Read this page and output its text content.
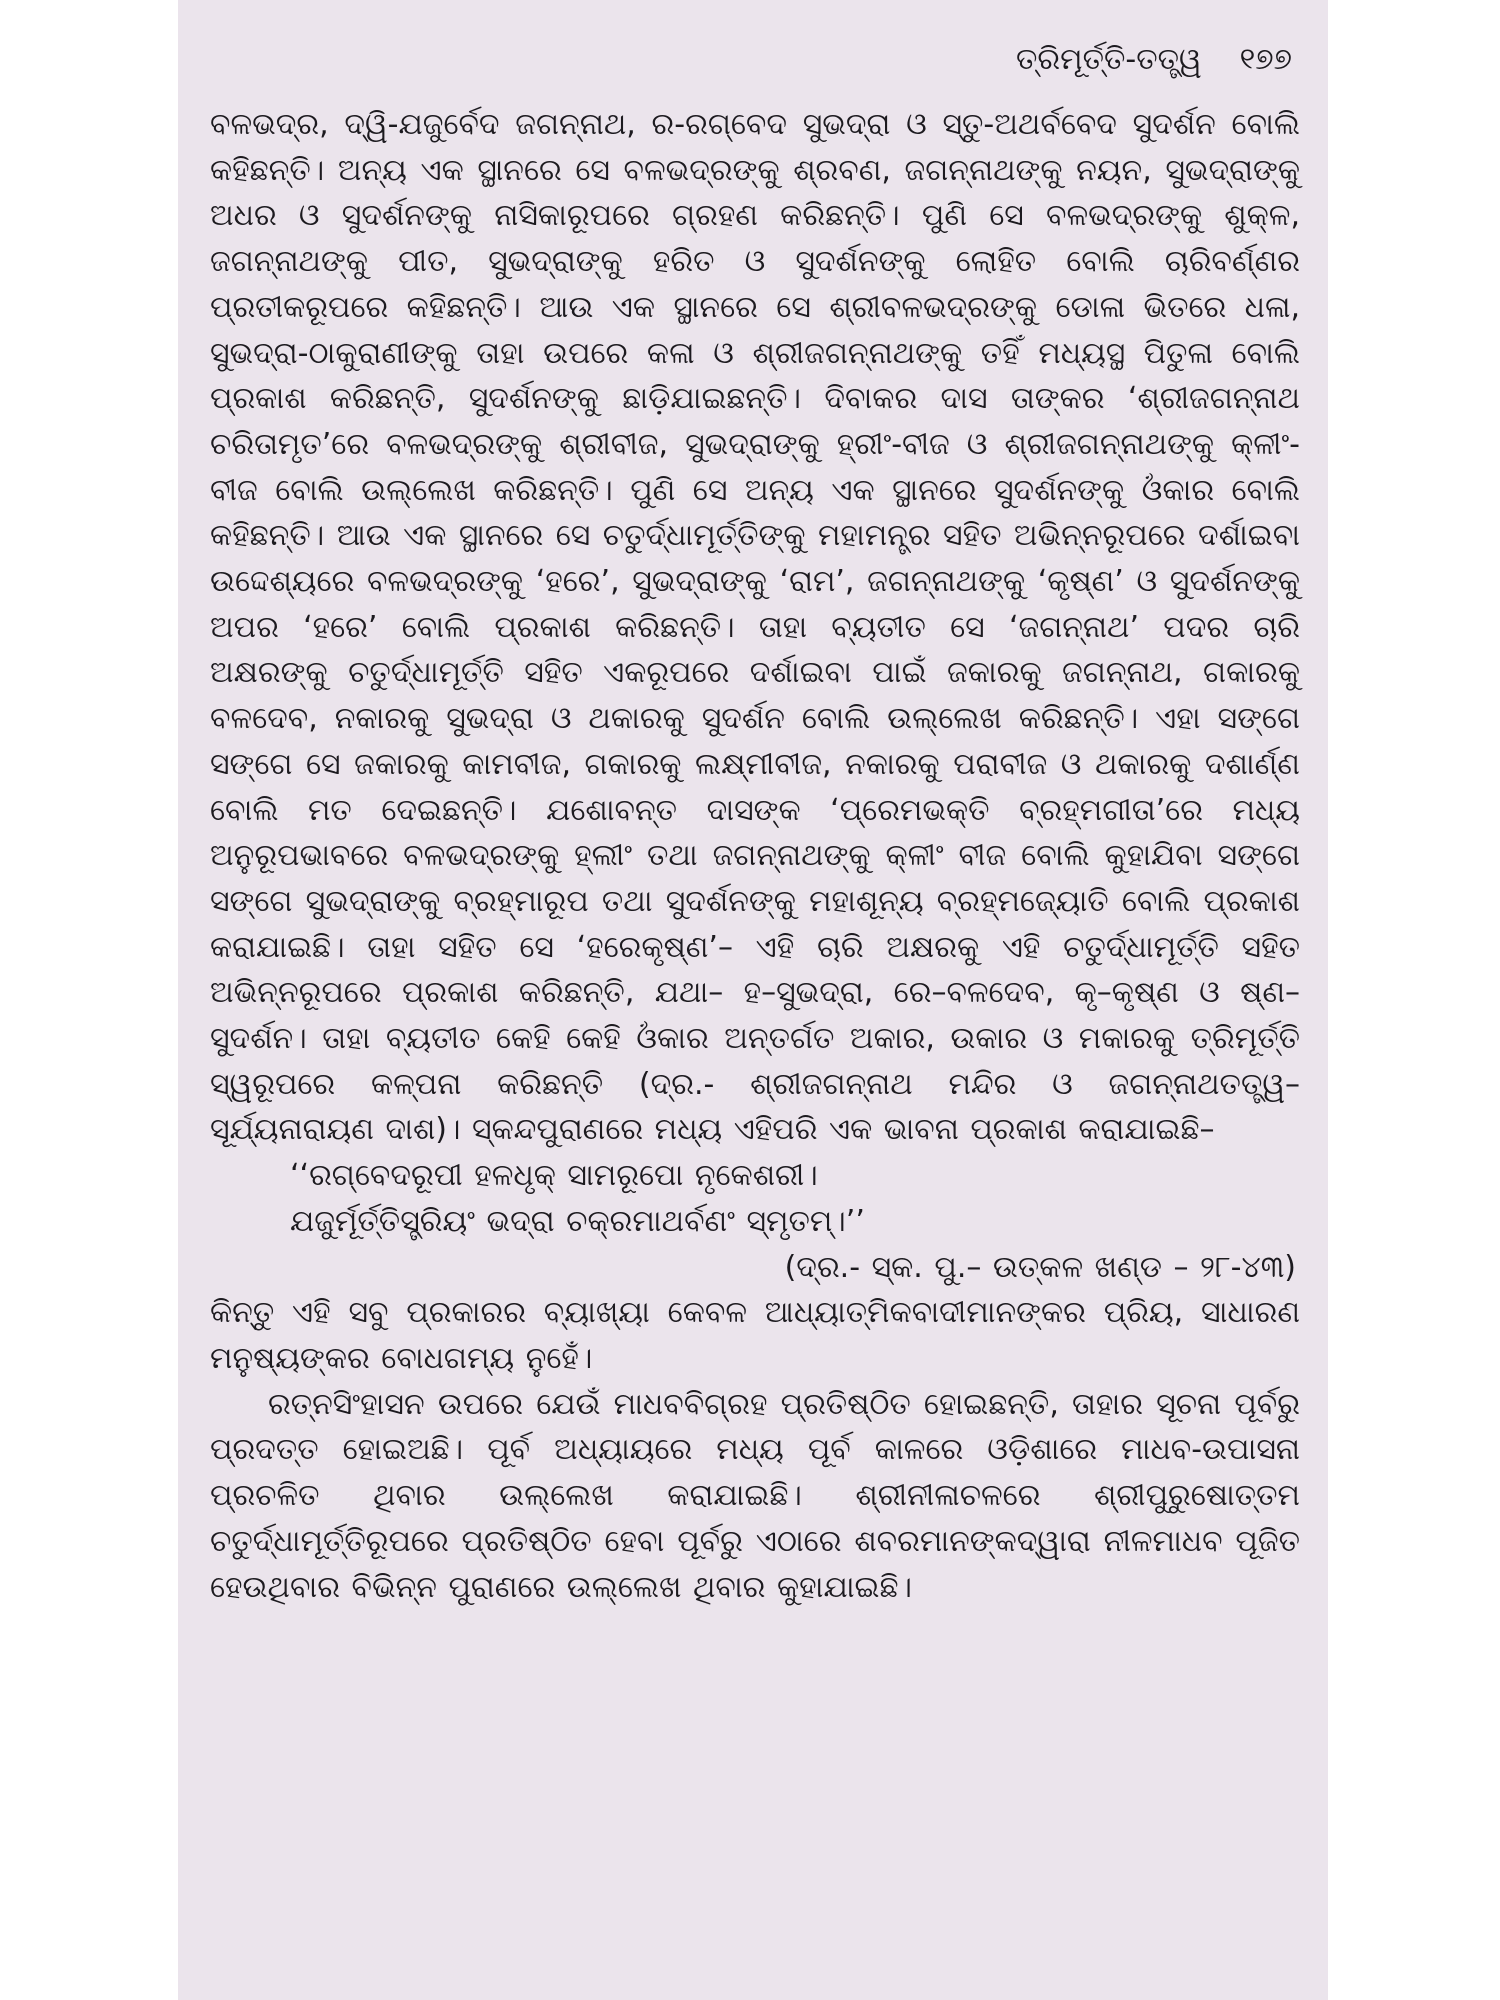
ତ୍ରିମୂର୍ତ୍ତି-ତତ୍ତ୍ୱ ୧୭୭

ବଳଭଦ୍ର, ଦ୍ୱି-ଯଜୁର୍ବେଦ ଜଗନ୍ନାଥ, ର-ରଗ୍‌ବେଦ ସୁଭଦ୍ରା ଓ ସ୍ତୁ-ଅଥର୍ବବେଦ ସୁଦର୍ଶନ ବୋଲି କହିଛନ୍ତି। ଅନ୍ୟ ଏକ ସ୍ଥାନରେ ସେ ବଳଭଦ୍ରଙ୍କୁ ଶ୍ରବଣ, ଜଗନ୍ନାଥଙ୍କୁ ନୟନ, ସୁଭଦ୍ରାଙ୍କୁ ଅଧର ଓ ସୁଦର୍ଶନଙ୍କୁ ନାସିକାରୂପରେ ଗ୍ରହଣ କରିଛନ୍ତି। ପୁଣି ସେ ବଳଭଦ୍ରଙ୍କୁ ଶୁକ୍ଳ, ଜଗନ୍ନାଥଙ୍କୁ ପୀତ, ସୁଭଦ୍ରାଙ୍କୁ ହରିତ ଓ ସୁଦର୍ଶନଙ୍କୁ ଲୋହିତ ବୋଲି ଚାରିବର୍ଣ୍ଣର ପ୍ରତୀକରୂପରେ କହିଛନ୍ତି। ଆଉ ଏକ ସ୍ଥାନରେ ସେ ଶ୍ରୀବଳଭଦ୍ରଙ୍କୁ ଡୋଳା ଭିତରେ ଧଳା, ସୁଭଦ୍ରା-ଠାକୁରାଣୀଙ୍କୁ ତାହା ଉପରେ କଳା ଓ ଶ୍ରୀଜଗନ୍ନାଥଙ୍କୁ ତହିଁ ମଧ୍ୟସ୍ଥ ପିତୁଳା ବୋଲି ପ୍ରକାଶ କରିଛନ୍ତି, ସୁଦର୍ଶନଙ୍କୁ ଛାଡ଼ିଯାଇଛନ୍ତି। ଦିବାକର ଦାସ ତାଙ୍କର ‘ଶ୍ରୀଜଗନ୍ନାଥ ଚରିତାମୃତ’ରେ ବଳଭଦ୍ରଙ୍କୁ ଶ୍ରୀବୀଜ, ସୁଭଦ୍ରାଙ୍କୁ ହ୍ରୀଂ-ବୀଜ ଓ ଶ୍ରୀଜଗନ୍ନାଥଙ୍କୁ କ୍ଳୀଂ-ବୀଜ ବୋଲି ଉଲ୍ଲେଖ କରିଛନ୍ତି। ପୁଣି ସେ ଅନ୍ୟ ଏକ ସ୍ଥାନରେ ସୁଦର୍ଶନଙ୍କୁ ଓଁକାର ବୋଲି କହିଛନ୍ତି। ଆଉ ଏକ ସ୍ଥାନରେ ସେ ଚତୁର୍ଦ୍ଧାମୂର୍ତ୍ତିଙ୍କୁ ମହାମନ୍ତ୍ର ସହିତ ଅଭିନ୍ନରୂପରେ ଦର୍ଶାଇବା ଉଦ୍ଦେଶ୍ୟରେ ବଳଭଦ୍ରଙ୍କୁ ‘ହରେ’, ସୁଭଦ୍ରାଙ୍କୁ ‘ରାମ’, ଜଗନ୍ନାଥଙ୍କୁ ‘କୃଷ୍ଣ’ ଓ ସୁଦର୍ଶନଙ୍କୁ ଅପର ‘ହରେ’ ବୋଲି ପ୍ରକାଶ କରିଛନ୍ତି। ତାହା ବ୍ୟତୀତ ସେ ‘ଜଗନ୍ନାଥ’ ପଦର ଚାରି ଅକ୍ଷରଙ୍କୁ ଚତୁର୍ଦ୍ଧାମୂର୍ତ୍ତି ସହିତ ଏକରୂପରେ ଦର୍ଶାଇବା ପାଇଁ ଜକାରକୁ ଜଗନ୍ନାଥ, ଗକାରକୁ ବଳଦେବ, ନକାରକୁ ସୁଭଦ୍ରା ଓ ଥକାରକୁ ସୁଦର୍ଶନ ବୋଲି ଉଲ୍ଲେଖ କରିଛନ୍ତି। ଏହା ସଙ୍ଗେ ସଙ୍ଗେ ସେ ଜକାରକୁ କାମବୀଜ, ଗକାରକୁ ଲକ୍ଷ୍ମୀବୀଜ, ନକାରକୁ ପରାବୀଜ ଓ ଥକାରକୁ ଦଶାର୍ଣ୍ଣ ବୋଲି ମତ ଦେଇଛନ୍ତି। ଯଶୋବନ୍ତ ଦାସଙ୍କ ‘ପ୍ରେମଭକ୍ତି ବ୍ରହ୍ମଗୀତା’ରେ ମଧ୍ୟ ଅନୁରୂପଭାବରେ ବଳଭଦ୍ରଙ୍କୁ ହ୍ଲୀଂ ତଥା ଜଗନ୍ନାଥଙ୍କୁ କ୍ଳୀଂ ବୀଜ ବୋଲି କୁହାଯିବା ସଙ୍ଗେ ସଙ୍ଗେ ସୁଭଦ୍ରାଙ୍କୁ ବ୍ରହ୍ମାରୂପ ତଥା ସୁଦର୍ଶନଙ୍କୁ ମହାଶୂନ୍ୟ ବ୍ରହ୍ମଜ୍ୟୋତି ବୋଲି ପ୍ରକାଶ କରାଯାଇଛି। ତାହା ସହିତ ସେ ‘ହରେକୃଷ୍ଣ’– ଏହି ଚାରି ଅକ୍ଷରକୁ ଏହି ଚତୁର୍ଦ୍ଧାମୂର୍ତ୍ତି ସହିତ ଅଭିନ୍ନରୂପରେ ପ୍ରକାଶ କରିଛନ୍ତି, ଯଥା– ହ–ସୁଭଦ୍ରା, ରେ–ବଳଦେବ, କୃ–କୃଷ୍ଣ ଓ ଷ୍ଣ–ସୁଦର୍ଶନ। ତାହା ବ୍ୟତୀତ କେହି କେହି ଓଁକାର ଅନ୍ତର୍ଗତ ଅକାର, ଉକାର ଓ ମକାରକୁ ତ୍ରିମୂର୍ତ୍ତି ସ୍ୱରୂପରେ କଳ୍ପନା କରିଛନ୍ତି (ଦ୍ର.- ଶ୍ରୀଜଗନ୍ନାଥ ମନ୍ଦିର ଓ ଜଗନ୍ନାଥତତ୍ତ୍ୱ– ସୂର୍ଯ୍ୟନାରାୟଣ ଦାଶ)। ସ୍କନ୍ଦପୁରାଣରେ ମଧ୍ୟ ଏହିପରି ଏକ ଭାବନା ପ୍ରକାଶ କରାଯାଇଛି–

‘‘ରଗ୍‌ବେଦରୂପୀ ହଳଧୃକ୍ ସାମରୂପୋ ନୃକେଶରୀ।
ଯଜୁର୍ମୂର୍ତ୍ତିସ୍ତ୍ରିୟଂ ଭଦ୍ରା ଚକ୍ରମାଥର୍ବଣଂ ସ୍ମୃତମ୍।’’
(ଦ୍ର.- ସ୍କ. ପୁ.– ଉତ୍କଳ ଖଣ୍ଡ – ୨୮-୪୩)

କିନ୍ତୁ ଏହି ସବୁ ପ୍ରକାରର ବ୍ୟାଖ୍ୟା କେବଳ ଆଧ୍ୟାତ୍ମିକବାଦୀମାନଙ୍କର ପ୍ରିୟ, ସାଧାରଣ ମନୁଷ୍ୟଙ୍କର ବୋଧଗମ୍ୟ ନୁହେଁ।

ରତ୍ନସିଂହାସନ ଉପରେ ଯେଉଁ ମାଧବବିଗ୍ରହ ପ୍ରତିଷ୍ଠିତ ହୋଇଛନ୍ତି, ତାହାର ସୂଚନା ପୂର୍ବରୁ ପ୍ରଦତ୍ତ ହୋଇଅଛି। ପୂର୍ବ ଅଧ୍ୟାୟରେ ମଧ୍ୟ ପୂର୍ବ କାଳରେ ଓଡ଼ିଶାରେ ମାଧବ-ଉପାସନା ପ୍ରଚଳିତ ଥିବାର ଉଲ୍ଲେଖ କରାଯାଇଛି। ଶ୍ରୀନୀଳାଚଳରେ ଶ୍ରୀପୁରୁଷୋତ୍ତମ ଚତୁର୍ଦ୍ଧାମୂର୍ତ୍ତିରୂପରେ ପ୍ରତିଷ୍ଠିତ ହେବା ପୂର୍ବରୁ ଏଠାରେ ଶବରମାନଙ୍କଦ୍ୱାରା ନୀଳମାଧବ ପୂଜିତ ହେଉଥିବାର ବିଭିନ୍ନ ପୁରାଣରେ ଉଲ୍ଲେଖ ଥିବାର କୁହାଯାଇଛି।
